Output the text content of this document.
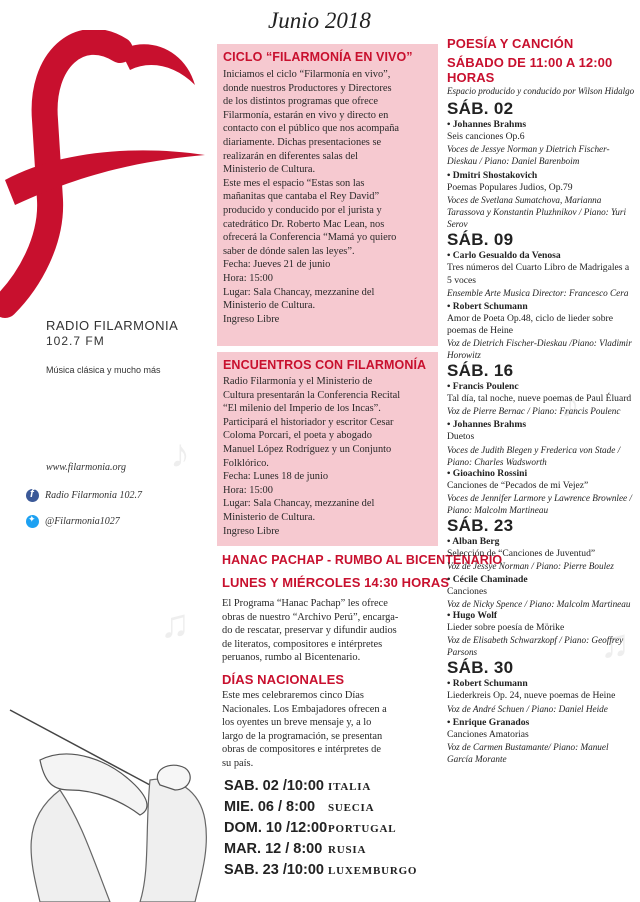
♪
♫
♪
♫
RADIO FILARMONIA
102.7 FM
Música clásica y mucho más
www.filarmonia.org
f Radio Filarmonia 102.7
✦ @Filarmonia1027
Junio 2018
CICLO “FILARMONÍA EN VIVO”

Iniciamos el ciclo “Filarmonía en vivo”,

donde nuestros Productores y Directores

de los distintos programas que ofrece

Filarmonía, estarán en vivo y directo en

contacto con el público que nos acompaña

diariamente. Dichas presentaciones se

realizarán en diferentes salas del

Ministerio de Cultura.

Este mes el espacio “Estas son las

mañanitas que cantaba el Rey David”

producido y conducido por el jurista y

catedrático Dr. Roberto Mac Lean, nos

ofrecerá la Conferencia “Mamá yo quiero

saber de dónde salen las leyes”.

Fecha: Jueves 21 de junio

Hora: 15:00

Lugar: Sala Chancay, mezzanine del

Ministerio de Cultura.

Ingreso Libre

ENCUENTROS CON FILARMONÍA

Radio Filarmonía y el Ministerio de

Cultura presentarán la Conferencia Recital

“El milenio del Imperio de los Incas”.

Participará el historiador y escritor Cesar

Coloma Porcari, el poeta y abogado

Manuel López Rodríguez y un Conjunto

Folklórico.

Fecha: Lunes 18 de junio

Hora: 15:00

Lugar: Sala Chancay, mezzanine del

Ministerio de Cultura.

Ingreso Libre

HANAC PACHAP - RUMBO AL BICENTENARIO
LUNES Y MIÉRCOLES 14:30 HORAS

El Programa “Hanac Pachap” les ofrece

obras de nuestro “Archivo Perú”, encarga-

do de rescatar, preservar y difundir audios

de literatos, compositores e intérpretes

peruanos, rumbo al Bicentenario.

DÍAS NACIONALES

Este mes celebraremos cinco Días

Nacionales. Los Embajadores ofrecen a

los oyentes un breve mensaje y, a lo

largo de la programación, se presentan

obras de compositores e intérpretes de

su país.

SAB. 02 /10:00 ITALIA
MIE. 06 / 8:00	SUECIA
DOM. 10 /12:00 PORTUGAL
MAR. 12 / 8:00 RUSIA
SAB. 23 /10:00 LUXEMBURGO
POESÍA Y CANCIÓN
SÁBADO DE 11:00 A 12:00 HORAS
Espacio producido y conducido por Wilson Hidalgo
SÁB. 02
• Johannes Brahms
Seis canciones Op.6
Voces de Jessye Norman y Dietrich Fischer-Dieskau / Piano: Daniel Barenboim
• Dmitri Shostakovich
Poemas Populares Judios, Op.79
Voces de Svetlana Sumatchova, Marianna Tarassova y Konstantin Pluzhnikov / Piano: Yuri Serov
SÁB. 09
• Carlo Gesualdo da Venosa
Tres números del Cuarto Libro de Madrigales a 5 voces
Ensemble Arte Musica Director: Francesco Cera
• Robert Schumann
Amor de Poeta Op.48, ciclo de lieder sobre poemas de Heine
Voz de Dietrich Fischer-Dieskau /Piano: Vladimir Horowitz
SÁB. 16
• Francis Poulenc
Tal día, tal noche, nueve poemas de Paul Éluard
Voz de Pierre Bernac / Piano: Francis Poulenc
• Johannes Brahms
Duetos
Voces de Judith Blegen y Frederica von Stade / Piano: Charles Wadsworth
• Gioachino Rossini
Canciones de “Pecados de mi Vejez”
Voces de Jennifer Larmore y Lawrence Brownlee / Piano: Malcolm Martineau
SÁB. 23
• Alban Berg
Selección de “Canciones de Juventud”
Voz de Jessye Norman / Piano: Pierre Boulez
• Cécile Chaminade
Canciones
Voz de Nicky Spence / Piano: Malcolm Martineau
• Hugo Wolf
Lieder sobre poesía de Mörike
Voz de Elisabeth Schwarzkopf / Piano: Geoffrey Parsons
SÁB. 30
• Robert Schumann
Liederkreis Op. 24, nueve poemas de Heine
Voz de André Schuen / Piano: Daniel Heide
• Enrique Granados
Canciones Amatorias
Voz de Carmen Bustamante/ Piano: Manuel García Morante
